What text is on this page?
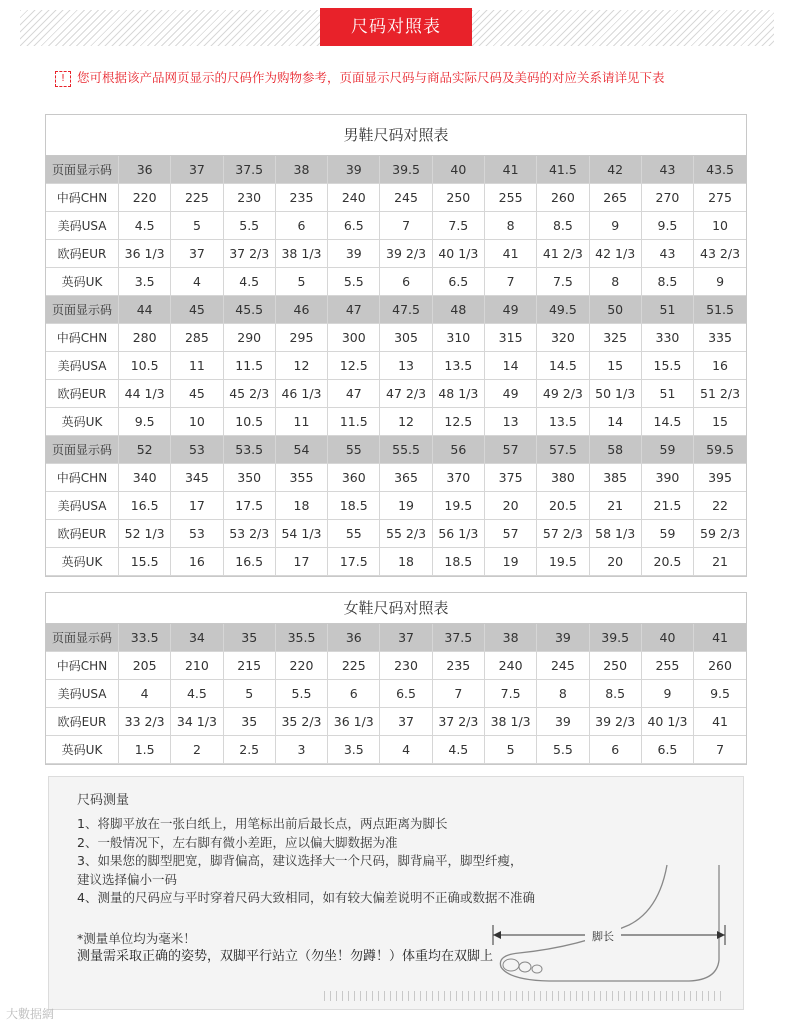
尺码对照表
! 您可根据该产品网页显示的尺码作为购物参考，页面显示尺码与商品实际尺码及美码的对应关系请详见下表
男鞋尺码对照表
页面显示码	36	37	37.5	38	39	39.5	40	41	41.5	42	43	43.5
中码CHN	220	225	230	235	240	245	250	255	260	265	270	275
美码USA	4.5	5	5.5	6	6.5	7	7.5	8	8.5	9	9.5	10
欧码EUR	36 1/3	37	37 2/3	38 1/3	39	39 2/3	40 1/3	41	41 2/3	42 1/3	43	43 2/3
英码UK	3.5	4	4.5	5	5.5	6	6.5	7	7.5	8	8.5	9
页面显示码	44	45	45.5	46	47	47.5	48	49	49.5	50	51	51.5
中码CHN	280	285	290	295	300	305	310	315	320	325	330	335
美码USA	10.5	11	11.5	12	12.5	13	13.5	14	14.5	15	15.5	16
欧码EUR	44 1/3	45	45 2/3	46 1/3	47	47 2/3	48 1/3	49	49 2/3	50 1/3	51	51 2/3
英码UK	9.5	10	10.5	11	11.5	12	12.5	13	13.5	14	14.5	15
页面显示码	52	53	53.5	54	55	55.5	56	57	57.5	58	59	59.5
中码CHN	340	345	350	355	360	365	370	375	380	385	390	395
美码USA	16.5	17	17.5	18	18.5	19	19.5	20	20.5	21	21.5	22
欧码EUR	52 1/3	53	53 2/3	54 1/3	55	55 2/3	56 1/3	57	57 2/3	58 1/3	59	59 2/3
英码UK	15.5	16	16.5	17	17.5	18	18.5	19	19.5	20	20.5	21
女鞋尺码对照表
页面显示码	33.5	34	35	35.5	36	37	37.5	38	39	39.5	40	41
中码CHN	205	210	215	220	225	230	235	240	245	250	255	260
美码USA	4	4.5	5	5.5	6	6.5	7	7.5	8	8.5	9	9.5
欧码EUR	33 2/3	34 1/3	35	35 2/3	36 1/3	37	37 2/3	38 1/3	39	39 2/3	40 1/3	41
英码UK	1.5	2	2.5	3	3.5	4	4.5	5	5.5	6	6.5	7
尺码测量
1、将脚平放在一张白纸上，用笔标出前后最长点，两点距离为脚长
2、一般情况下，左右脚有微小差距，应以偏大脚数据为准
3、如果您的脚型肥宽，脚背偏高，建议选择大一个尺码，脚背扁平，脚型纤瘦，
建议选择偏小一码
4、测量的尺码应与平时穿着尺码大致相同，如有较大偏差说明不正确或数据不准确
*测量单位均为毫米！
测量需采取正确的姿势，双脚平行站立（勿坐！勿蹲！）体重均在双脚上
脚长
大數据網
